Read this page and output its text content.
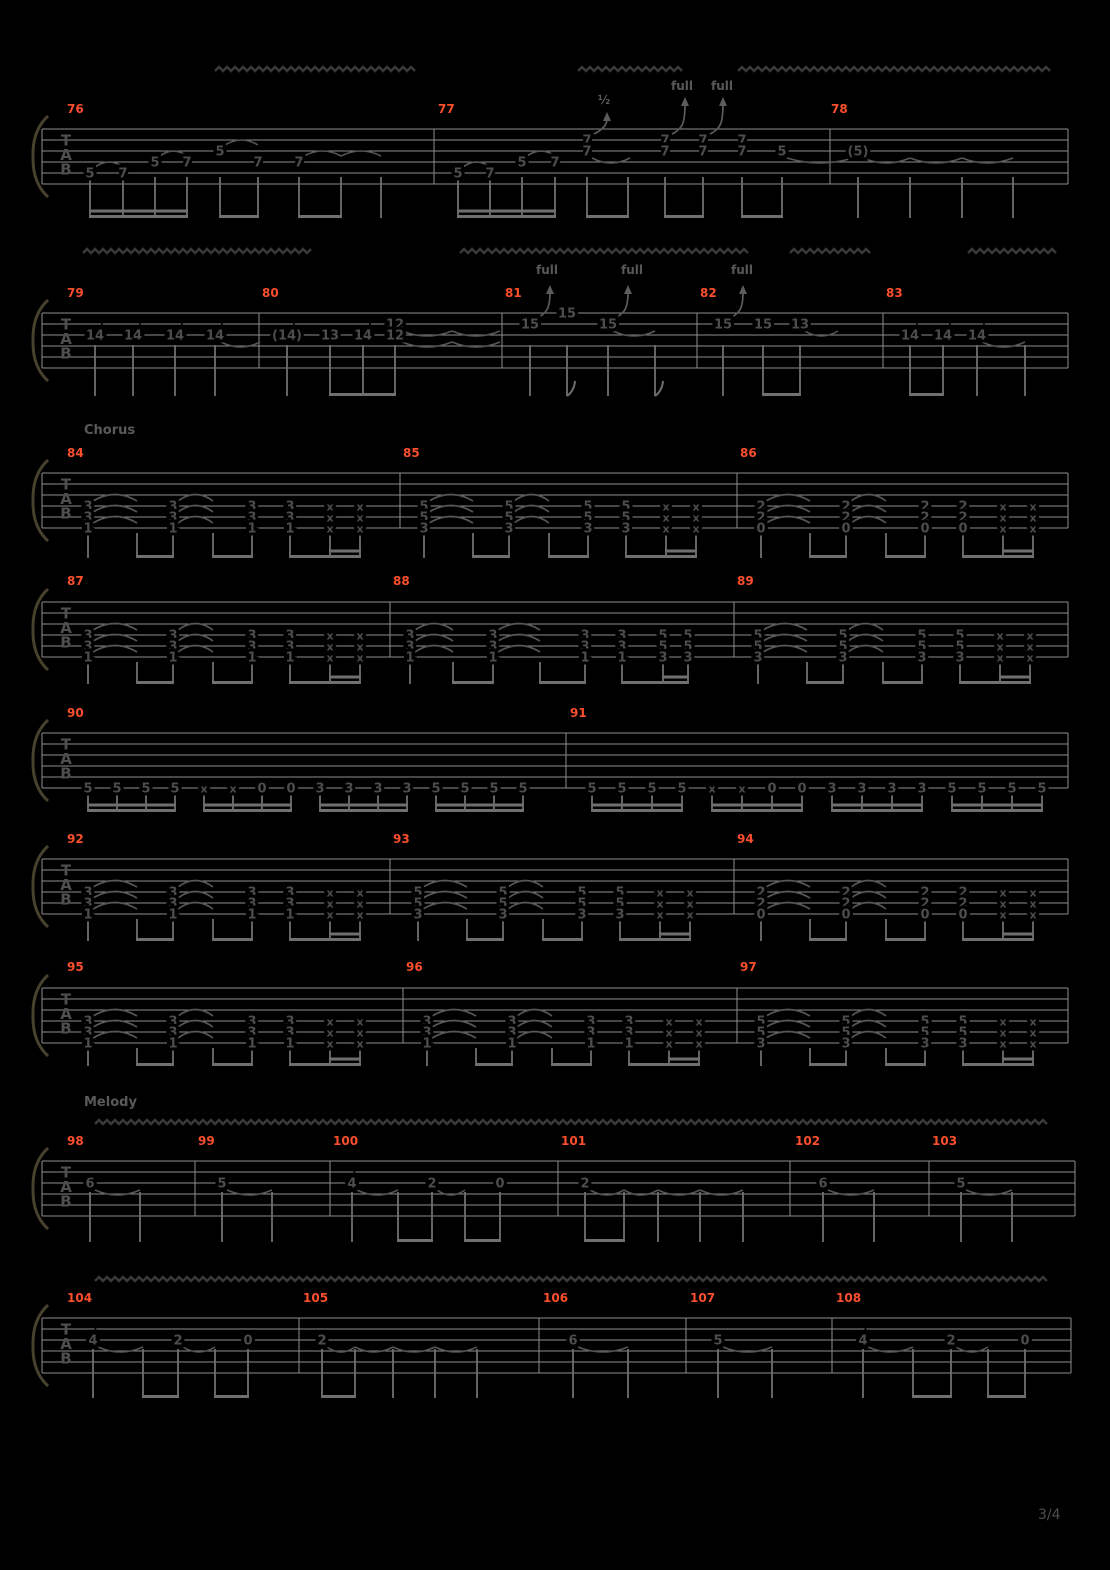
T
A
B
76	77	78
½
full full
5 7
5 7
5
7 7
5 7
5 7
7
7
7
7
7
7
7
7 5	(5)
T
A
B
79	80	81	82	83
full	full	full
14 14 14 14	(14) 13 14
12
12
15
15
15	15 15 13
14 14 14
T
A
B
84	85	86
3
3
1
3
3
1
3
3
1
3
3
1
x
x
x
x
x
x
5
5
3
5
5
3
5
5
3
5
5
3
x
x
x
x
x
x
2
2
0
2
2
0
2
2
0
2
2
0
x
x
x
x
x
x
T
A
B
87	88	89
3
3
1
3
3
1
3
3
1
3
3
1
x
x
x
x
x
x
3
3
1
3
3
1
3
3
1
3
3
1
5
5
3
5
5
3
5
5
3
5
5
3
5
5
3
5
5
3
x
x
x
x
x
x
T
A
B
90	91
5 5 5 5 x x 0 0 3 3 3 3 5 5 5 5	5 5 5 5 x x 0 0 3 3 3 3 5 5 5 5
T
A
B
92	93	94
3
3
1
3
3
1
3
3
1
3
3
1
x
x
x
x
x
x
5
5
3
5
5
3
5
5
3
5
5
3
x
x
x
x
x
x
2
2
0
2
2
0
2
2
0
2
2
0
x
x
x
x
x
x
T
A
B
95	96	97
3
3
1
3
3
1
3
3
1
3
3
1
x
x
x
x
x
x
3
3
1
3
3
1
3
3
1
3
3
1
x
x
x
x
x
x
5
5
3
5
5
3
5
5
3
5
5
3
x
x
x
x
x
x
T
A
B
98	99	100	101	102	103
6	5	4	2	0	2	6	5
T
A
B
104	105	106	107	108
4	2	0	2	6	5	4	2	0
Chorus
Melody
3/4
